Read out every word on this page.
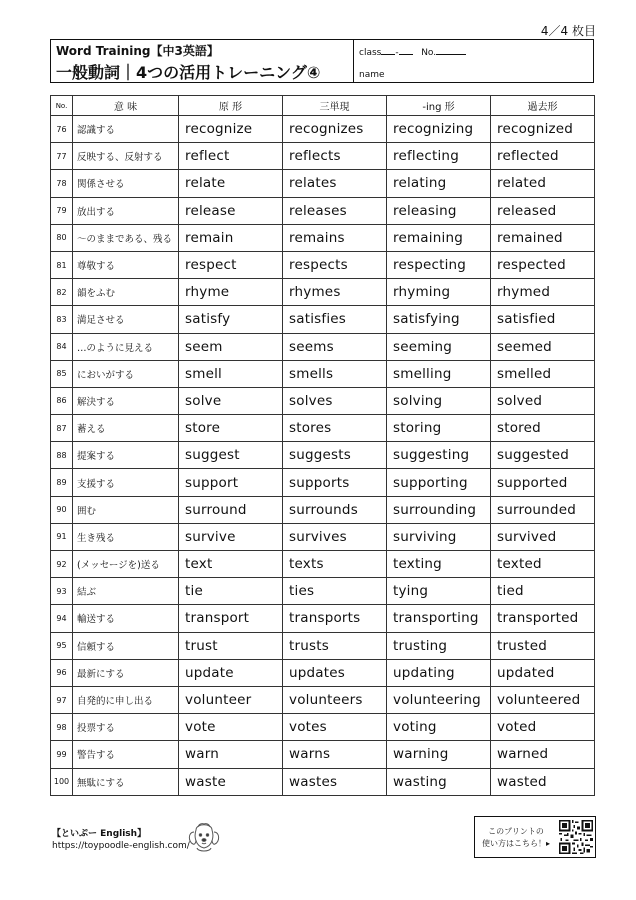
4／4 枚目
Word Training【中3英語】
一般動詞｜4つの活用トレーニング④
class -	No.
name
No.	意 味	原 形	三単現	-ing 形	過去形
76	認識する	recognize	recognizes	recognizing	recognized
77	反映する、反射する	reflect	reflects	reflecting	reflected
78	関係させる	relate	relates	relating	related
79	放出する	release	releases	releasing	released
80	～のままである、残る	remain	remains	remaining	remained
81	尊敬する	respect	respects	respecting	respected
82	韻をふむ	rhyme	rhymes	rhyming	rhymed
83	満足させる	satisfy	satisfies	satisfying	satisfied
84	…のように見える	seem	seems	seeming	seemed
85	においがする	smell	smells	smelling	smelled
86	解決する	solve	solves	solving	solved
87	蓄える	store	stores	storing	stored
88	提案する	suggest	suggests	suggesting	suggested
89	支援する	support	supports	supporting	supported
90	囲む	surround	surrounds	surrounding	surrounded
91	生き残る	survive	survives	surviving	survived
92	(メッセージを)送る	text	texts	texting	texted
93	結ぶ	tie	ties	tying	tied
94	輸送する	transport	transports	transporting	transported
95	信頼する	trust	trusts	trusting	trusted
96	最新にする	update	updates	updating	updated
97	自発的に申し出る	volunteer	volunteers	volunteering	volunteered
98	投票する	vote	votes	voting	voted
99	警告する	warn	warns	warning	warned
100	無駄にする	waste	wastes	wasting	wasted
【といぷー English】
https://toypoodle-english.com/
このプリントの
使い方はこちら！▸
